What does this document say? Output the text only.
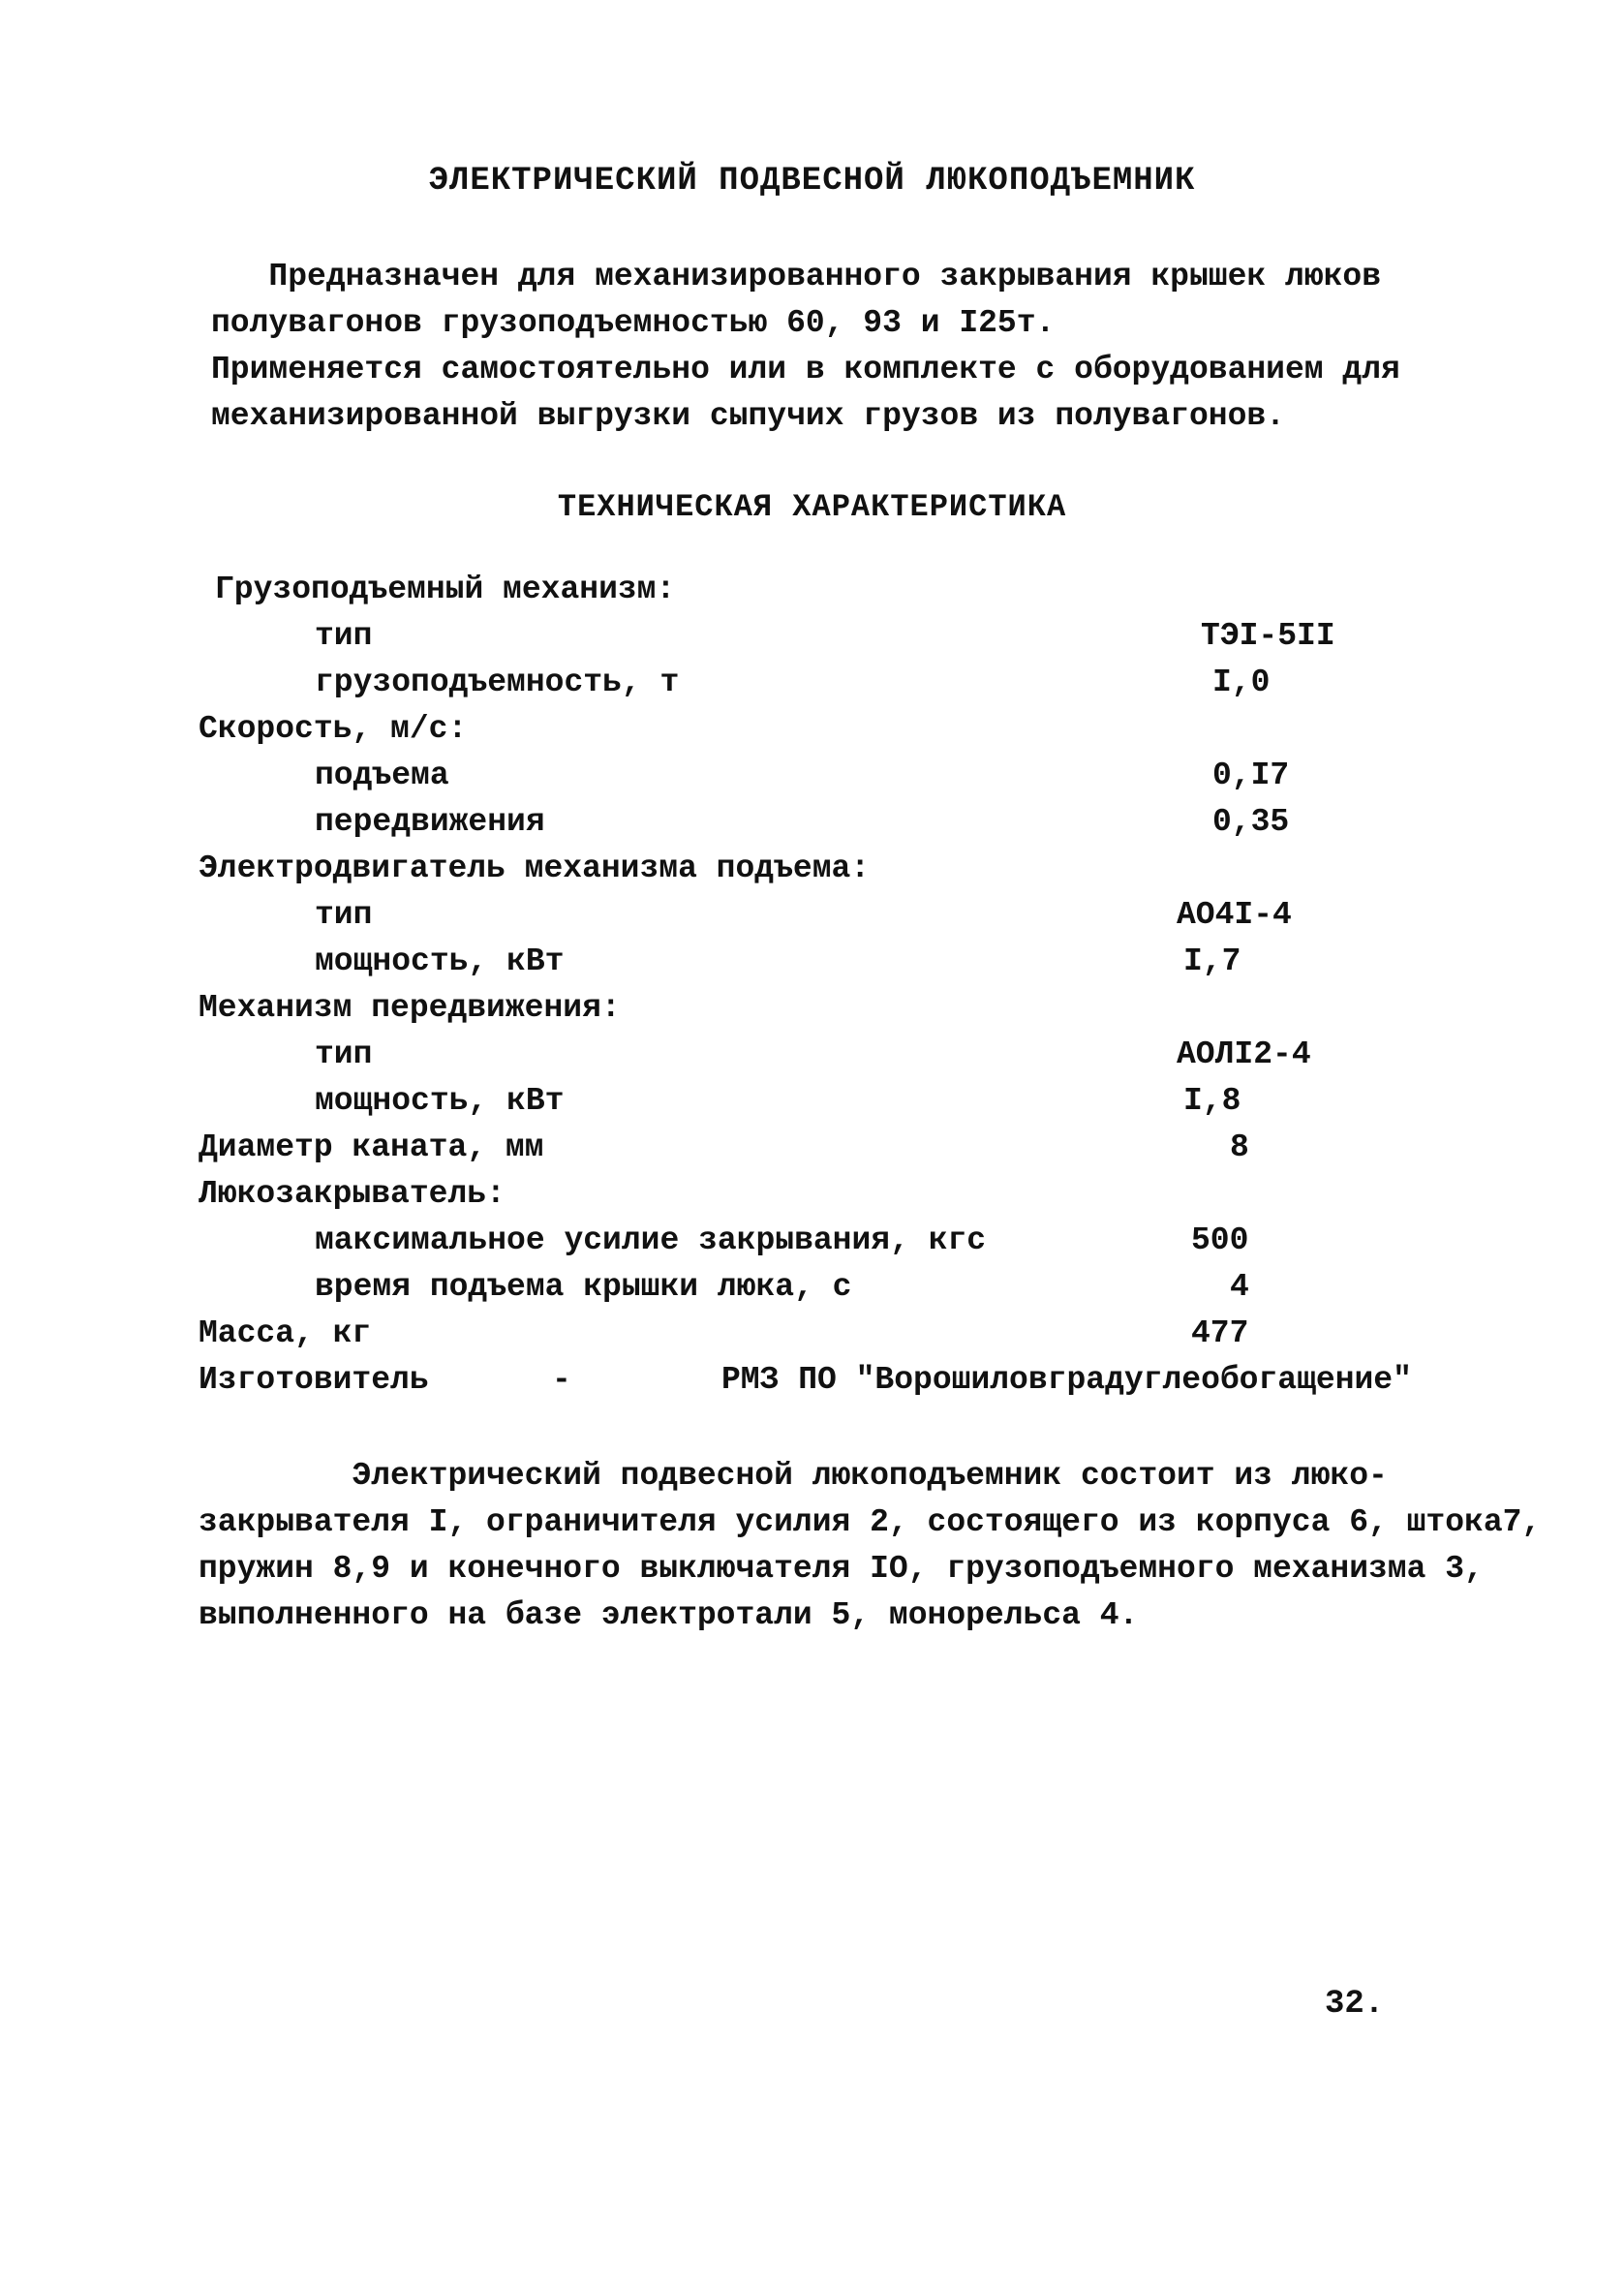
ЭЛЕКТРИЧЕСКИЙ ПОДВЕСНОЙ ЛЮКОПОДЪЕМНИК
Предназначен для механизированного закрывания крышек люков
полувагонов грузоподъемностью 60, 93 и I25т.
Применяется самостоятельно или в комплекте с оборудованием для
механизированной выгрузки сыпучих грузов из полувагонов.
ТЕХНИЧЕСКАЯ ХАРАКТЕРИСТИКА
Грузоподъемный механизм:
тип	ТЭI-5II
грузоподъемность, т	I,0
Скорость, м/с:
подъема	0,I7
передвижения	0,35
Электродвигатель механизма подъема:
тип	АО4I-4
мощность, кВт	I,7
Механизм передвижения:
тип	АОЛI2-4
мощность, кВт	I,8
Диаметр каната, мм	8
Люкозакрыватель:
максимальное усилие закрывания, кгс	500
время подъема крышки люка, с	4
Масса, кг	477
Изготовитель	-	РМЗ ПО "Ворошиловградуглеобогащение"
Электрический подвесной люкоподъемник состоит из люко-
закрывателя I, ограничителя усилия 2, состоящего из корпуса 6, штока7,
пружин 8,9 и конечного выключателя IO, грузоподъемного механизма 3,
выполненного на базе электротали 5, монорельса 4.
32.
